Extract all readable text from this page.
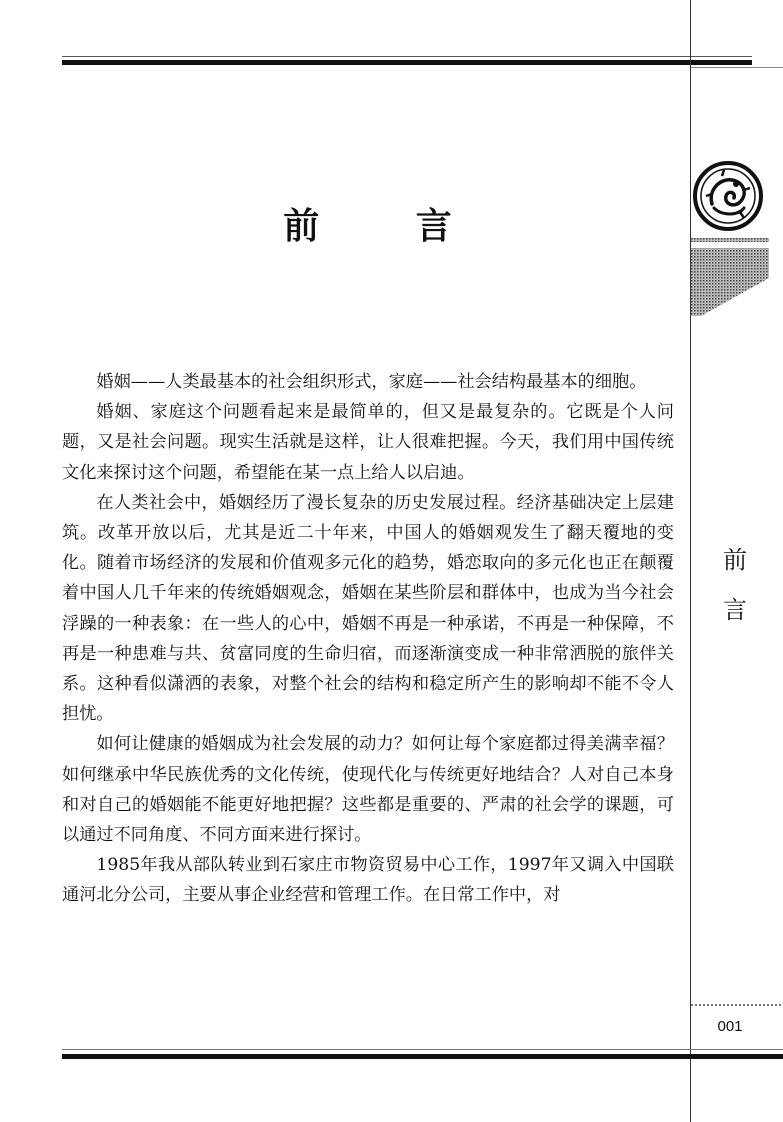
前 言

婚姻——人类最基本的社会组织形式，家庭——社会结构最基本的细胞。

婚姻、家庭这个问题看起来是最简单的，但又是最复杂的。它既是个人问题，又是社会问题。现实生活就是这样，让人很难把握。今天，我们用中国传统文化来探讨这个问题，希望能在某一点上给人以启迪。

在人类社会中，婚姻经历了漫长复杂的历史发展过程。经济基础决定上层建筑。改革开放以后，尤其是近二十年来，中国人的婚姻观发生了翻天覆地的变化。随着市场经济的发展和价值观多元化的趋势，婚恋取向的多元化也正在颠覆着中国人几千年来的传统婚姻观念，婚姻在某些阶层和群体中，也成为当今社会浮躁的一种表象：在一些人的心中，婚姻不再是一种承诺，不再是一种保障，不再是一种患难与共、贫富同度的生命归宿，而逐渐演变成一种非常洒脱的旅伴关系。这种看似潇洒的表象，对整个社会的结构和稳定所产生的影响却不能不令人担忧。

如何让健康的婚姻成为社会发展的动力？如何让每个家庭都过得美满幸福？如何继承中华民族优秀的文化传统，使现代化与传统更好地结合？人对自己本身和对自己的婚姻能不能更好地把握？这些都是重要的、严肃的社会学的课题，可以通过不同角度、不同方面来进行探讨。

1985年我从部队转业到石家庄市物资贸易中心工作，1997年又调入中国联通河北分公司，主要从事企业经营和管理工作。在日常工作中，对

前
言
001
